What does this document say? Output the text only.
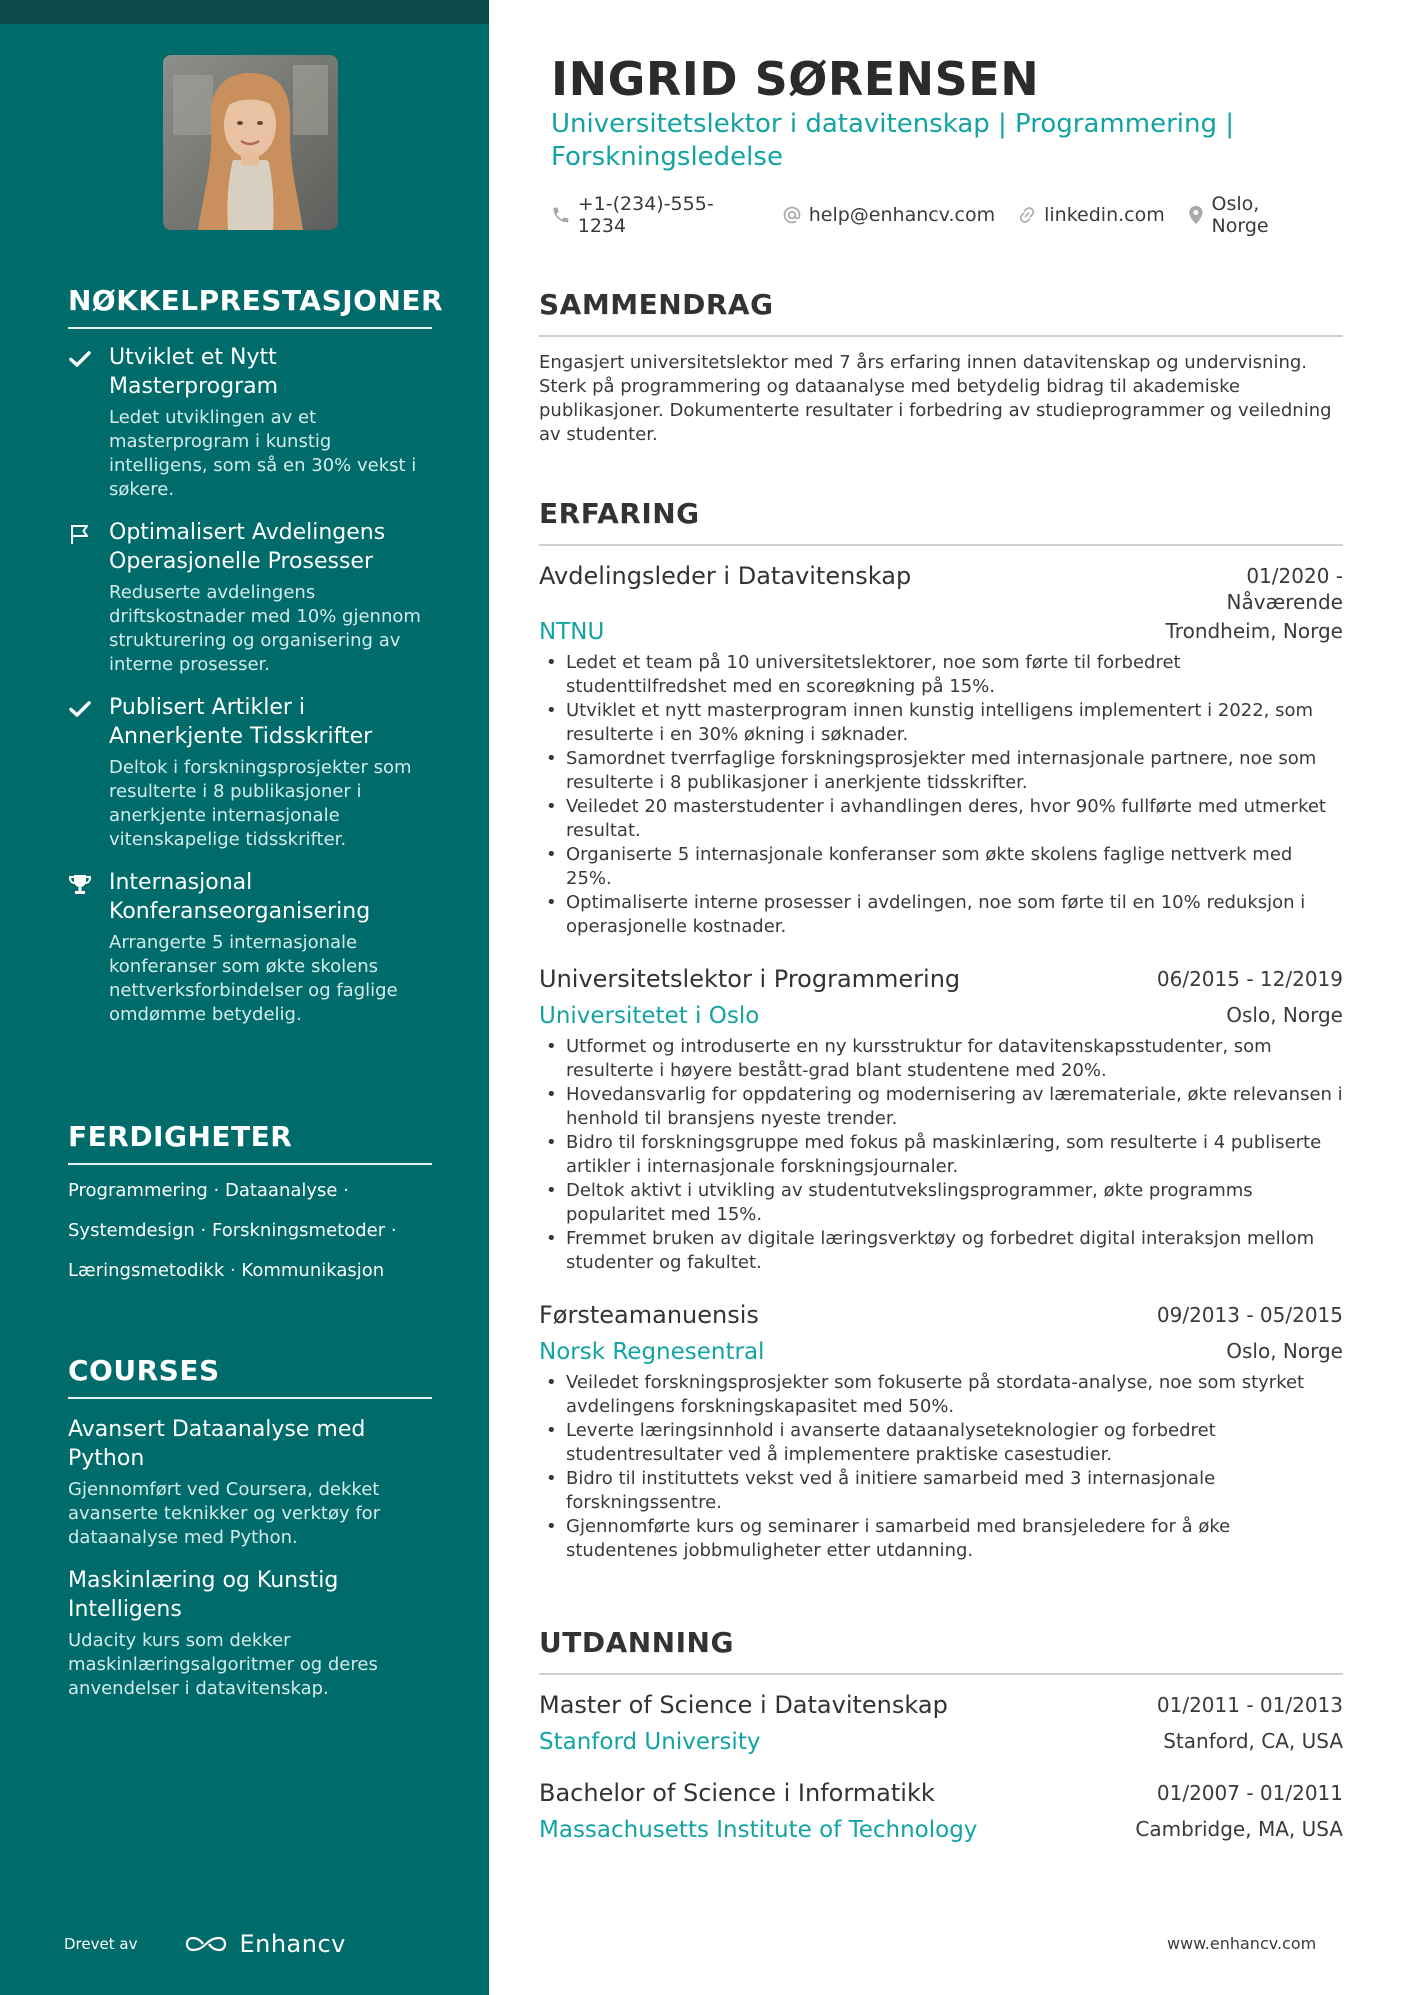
NØKKELPRESTASJONER
Utviklet et Nytt Masterprogram
Ledet utviklingen av et masterprogram i kunstig intelligens, som så en 30% vekst i søkere.
Optimalisert Avdelingens Operasjonelle Prosesser
Reduserte avdelingens driftskostnader med 10% gjennom strukturering og organisering av interne prosesser.
Publisert Artikler i Annerkjente Tidsskrifter
Deltok i forskningsprosjekter som resulterte i 8 publikasjoner i anerkjente internasjonale vitenskapelige tidsskrifter.
Internasjonal Konferanseorganisering
Arrangerte 5 internasjonale konferanser som økte skolens nettverksforbindelser og faglige omdømme betydelig.
FERDIGHETER
Programmering · Dataanalyse ·
Systemdesign · Forskningsmetoder ·
Læringsmetodikk · Kommunikasjon
COURSES
Avansert Dataanalyse med Python
Gjennomført ved Coursera, dekket avanserte teknikker og verktøy for dataanalyse med Python.
Maskinlæring og Kunstig Intelligens
Udacity kurs som dekker maskinlæringsalgoritmer og deres anvendelser i datavitenskap.
Drevet av	Enhancv
INGRID SØRENSEN
Universitetslektor i datavitenskap | Programmering | Forskningsledelse
+1-(234)-555-1234	help@enhancv.com	linkedin.com Oslo, Norge
SAMMENDRAG

Engasjert universitetslektor med 7 års erfaring innen datavitenskap og undervisning. Sterk på programmering og dataanalyse med betydelig bidrag til akademiske publikasjoner. Dokumenterte resultater i forbedring av studieprogrammer og veiledning av studenter.

ERFARING
Avdelingsleder i Datavitenskap	01/2020 -
Nåværende
NTNU	Trondheim, Norge
• Ledet et team på 10 universitetslektorer, noe som førte til forbedret studenttilfredshet med en scoreøkning på 15%.
• Utviklet et nytt masterprogram innen kunstig intelligens implementert i 2022, som resulterte i en 30% økning i søknader.
• Samordnet tverrfaglige forskningsprosjekter med internasjonale partnere, noe som resulterte i 8 publikasjoner i anerkjente tidsskrifter.
• Veiledet 20 masterstudenter i avhandlingen deres, hvor 90% fullførte med utmerket resultat.
• Organiserte 5 internasjonale konferanser som økte skolens faglige nettverk med 25%.
• Optimaliserte interne prosesser i avdelingen, noe som førte til en 10% reduksjon i operasjonelle kostnader.
Universitetslektor i Programmering	06/2015 - 12/2019
Universitetet i Oslo	Oslo, Norge
• Utformet og introduserte en ny kursstruktur for datavitenskapsstudenter, som resulterte i høyere bestått-grad blant studentene med 20%.
• Hovedansvarlig for oppdatering og modernisering av læremateriale, økte relevansen i henhold til bransjens nyeste trender.
• Bidro til forskningsgruppe med fokus på maskinlæring, som resulterte i 4 publiserte artikler i internasjonale forskningsjournaler.
• Deltok aktivt i utvikling av studentutvekslingsprogrammer, økte programms popularitet med 15%.
• Fremmet bruken av digitale læringsverktøy og forbedret digital interaksjon mellom studenter og fakultet.
Førsteamanuensis	09/2013 - 05/2015
Norsk Regnesentral	Oslo, Norge
• Veiledet forskningsprosjekter som fokuserte på stordata-analyse, noe som styrket avdelingens forskningskapasitet med 50%.
• Leverte læringsinnhold i avanserte dataanalyseteknologier og forbedret studentresultater ved å implementere praktiske casestudier.
• Bidro til instituttets vekst ved å initiere samarbeid med 3 internasjonale forskningssentre.
• Gjennomførte kurs og seminarer i samarbeid med bransjeledere for å øke studentenes jobbmuligheter etter utdanning.
UTDANNING
Master of Science i Datavitenskap	01/2011 - 01/2013
Stanford University	Stanford, CA, USA
Bachelor of Science i Informatikk	01/2007 - 01/2011
Massachusetts Institute of Technology	Cambridge, MA, USA
www.enhancv.com
